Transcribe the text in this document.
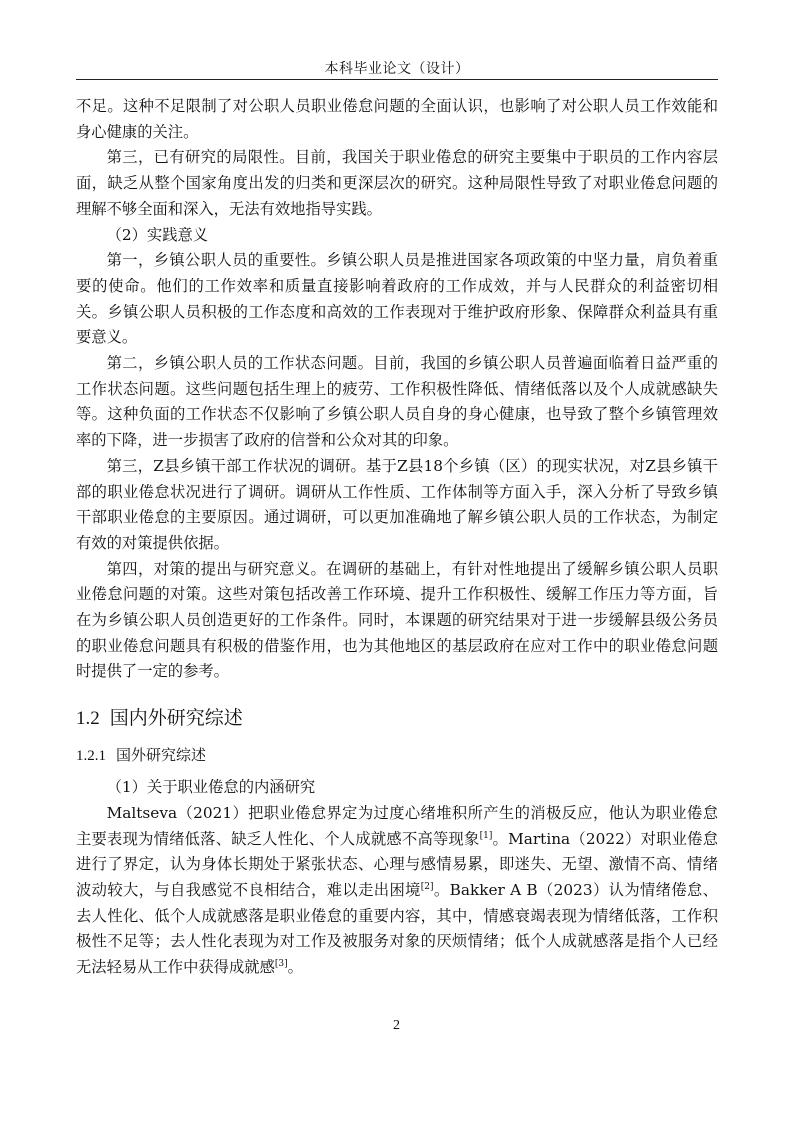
本科毕业论文（设计）

不足。这种不足限制了对公职人员职业倦怠问题的全面认识，也影响了对公职人员工作效能和身心健康的关注。

第三，已有研究的局限性。目前，我国关于职业倦怠的研究主要集中于职员的工作内容层面，缺乏从整个国家角度出发的归类和更深层次的研究。这种局限性导致了对职业倦怠问题的理解不够全面和深入，无法有效地指导实践。

（2）实践意义

第一，乡镇公职人员的重要性。乡镇公职人员是推进国家各项政策的中坚力量，肩负着重要的使命。他们的工作效率和质量直接影响着政府的工作成效，并与人民群众的利益密切相关。乡镇公职人员积极的工作态度和高效的工作表现对于维护政府形象、保障群众利益具有重要意义。

第二，乡镇公职人员的工作状态问题。目前，我国的乡镇公职人员普遍面临着日益严重的工作状态问题。这些问题包括生理上的疲劳、工作积极性降低、情绪低落以及个人成就感缺失等。这种负面的工作状态不仅影响了乡镇公职人员自身的身心健康，也导致了整个乡镇管理效率的下降，进一步损害了政府的信誉和公众对其的印象。

第三，Z县乡镇干部工作状况的调研。基于Z县18个乡镇（区）的现实状况，对Z县乡镇干部的职业倦怠状况进行了调研。调研从工作性质、工作体制等方面入手，深入分析了导致乡镇干部职业倦怠的主要原因。通过调研，可以更加准确地了解乡镇公职人员的工作状态，为制定有效的对策提供依据。

第四，对策的提出与研究意义。在调研的基础上，有针对性地提出了缓解乡镇公职人员职业倦怠问题的对策。这些对策包括改善工作环境、提升工作积极性、缓解工作压力等方面，旨在为乡镇公职人员创造更好的工作条件。同时，本课题的研究结果对于进一步缓解县级公务员的职业倦怠问题具有积极的借鉴作用，也为其他地区的基层政府在应对工作中的职业倦怠问题时提供了一定的参考。

1.2 国内外研究综述
1.2.1 国外研究综述

（1）关于职业倦怠的内涵研究

Maltseva（2021）把职业倦怠界定为过度心绪堆积所产生的消极反应，他认为职业倦怠主要表现为情绪低落、缺乏人性化、个人成就感不高等现象[1]。Martina（2022）对职业倦怠进行了界定，认为身体长期处于紧张状态、心理与感情易累，即迷失、无望、激情不高、情绪波动较大，与自我感觉不良相结合，难以走出困境[2]。Bakker A B（2023）认为情绪倦怠、去人性化、低个人成就感落是职业倦怠的重要内容，其中，情感衰竭表现为情绪低落，工作积极性不足等；去人性化表现为对工作及被服务对象的厌烦情绪；低个人成就感落是指个人已经无法轻易从工作中获得成就感[3]。

2
